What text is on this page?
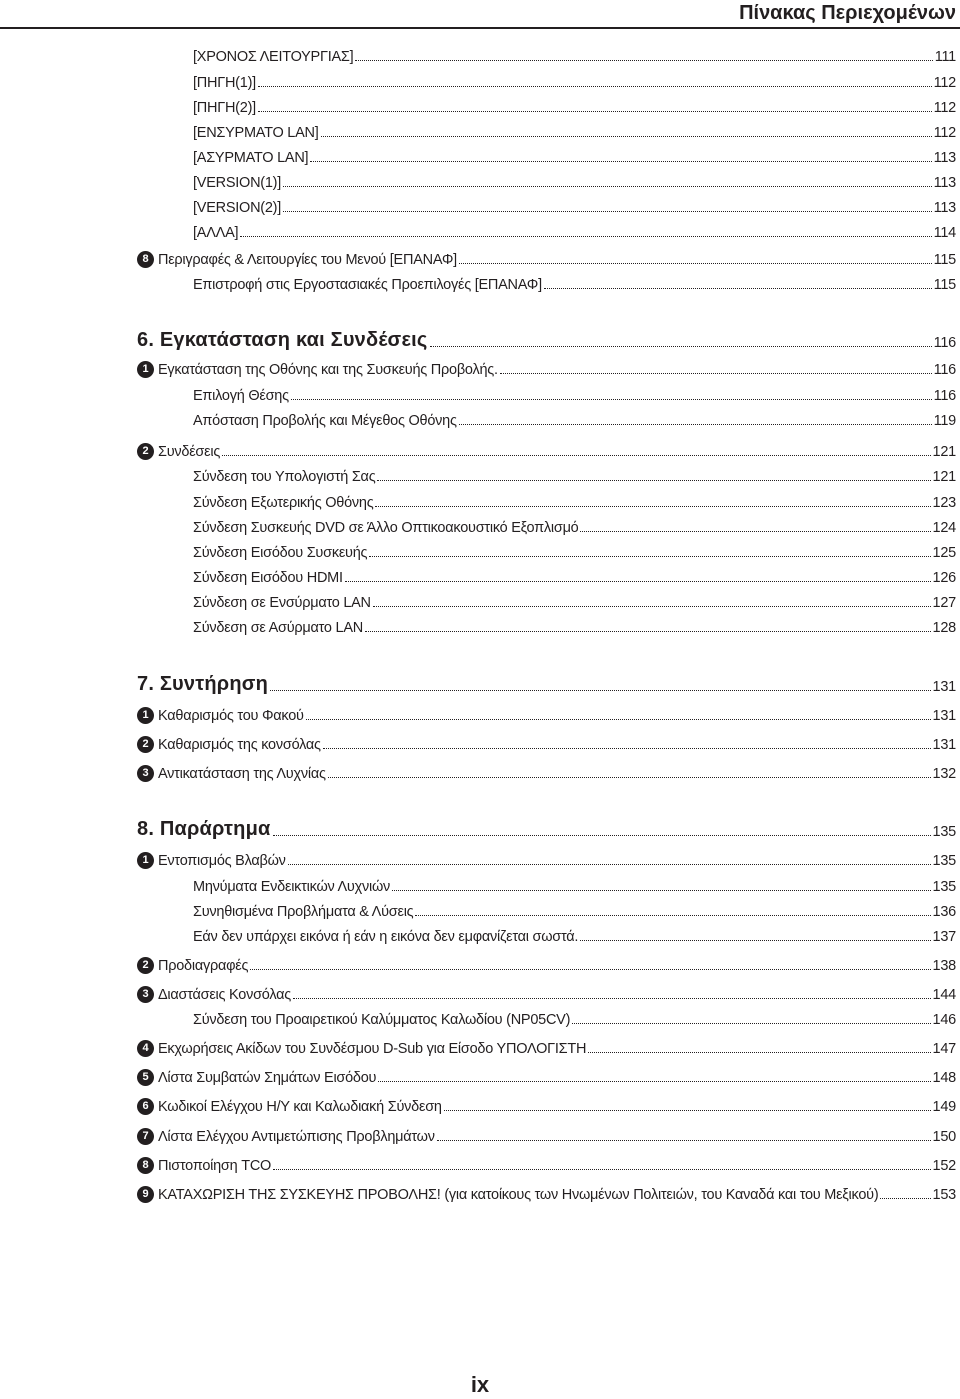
Πίνακας Περιεχομένων
[ΧΡΟΝΟΣ ΛΕΙΤΟΥΡΓΙΑΣ]	111
[ΠΗΓΗ(1)]	112
[ΠΗΓΗ(2)]	112
[ΕΝΣΥΡΜΑΤΟ LAN]	112
[ΑΣΥΡΜΑΤΟ LAN]	113
[VERSION(1)]	113
[VERSION(2)]	113
[ΑΛΛΑ]	114
8 Περιγραφές & Λειτουργίες του Μενού [ΕΠΑΝΑΦ]	115
Επιστροφή στις Εργοστασιακές Προεπιλογές [ΕΠΑΝΑΦ]	115
6. Εγκατάσταση και Συνδέσεις	116
1 Εγκατάσταση της Οθόνης και της Συσκευής Προβολής.	116
Επιλογή Θέσης	116
Απόσταση Προβολής και Μέγεθος Οθόνης	119
2 Συνδέσεις	121
Σύνδεση του Υπολογιστή Σας	121
Σύνδεση Εξωτερικής Οθόνης	123
Σύνδεση Συσκευής DVD σε Άλλο Οπτικοακουστικό Εξοπλισμό	124
Σύνδεση Εισόδου Συσκευής	125
Σύνδεση Εισόδου HDMI	126
Σύνδεση σε Ενσύρματο LAN	127
Σύνδεση σε Ασύρματο LAN	128
7. Συντήρηση	131
1 Καθαρισμός του Φακού	131
2 Καθαρισμός της κονσόλας	131
3 Αντικατάσταση της Λυχνίας	132
8. Παράρτημα	135
1 Εντοπισμός Βλαβών	135
Μηνύματα Ενδεικτικών Λυχνιών	135
Συνηθισμένα Προβλήματα & Λύσεις	136
Εάν δεν υπάρχει εικόνα ή εάν η εικόνα δεν εμφανίζεται σωστά.	137
2 Προδιαγραφές	138
3 Διαστάσεις Κονσόλας	144
Σύνδεση του Προαιρετικού Καλύμματος Καλωδίου (NP05CV)	146
4 Εκχωρήσεις Ακίδων του Συνδέσμου D-Sub για Είσοδο ΥΠΟΛΟΓΙΣΤΗ	147
5 Λίστα Συμβατών Σημάτων Εισόδου	148
6 Κωδικοί Ελέγχου Η/Υ και Καλωδιακή Σύνδεση	149
7 Λίστα Ελέγχου Αντιμετώπισης Προβλημάτων	150
8 Πιστοποίηση TCO	152
9 ΚΑΤΑΧΩΡΙΣΗ ΤΗΣ ΣΥΣΚΕΥΗΣ ΠΡΟΒΟΛΗΣ! (για κατοίκους των Ηνωμένων Πολιτειών, του Καναδά και του Μεξικού)	153
ix
